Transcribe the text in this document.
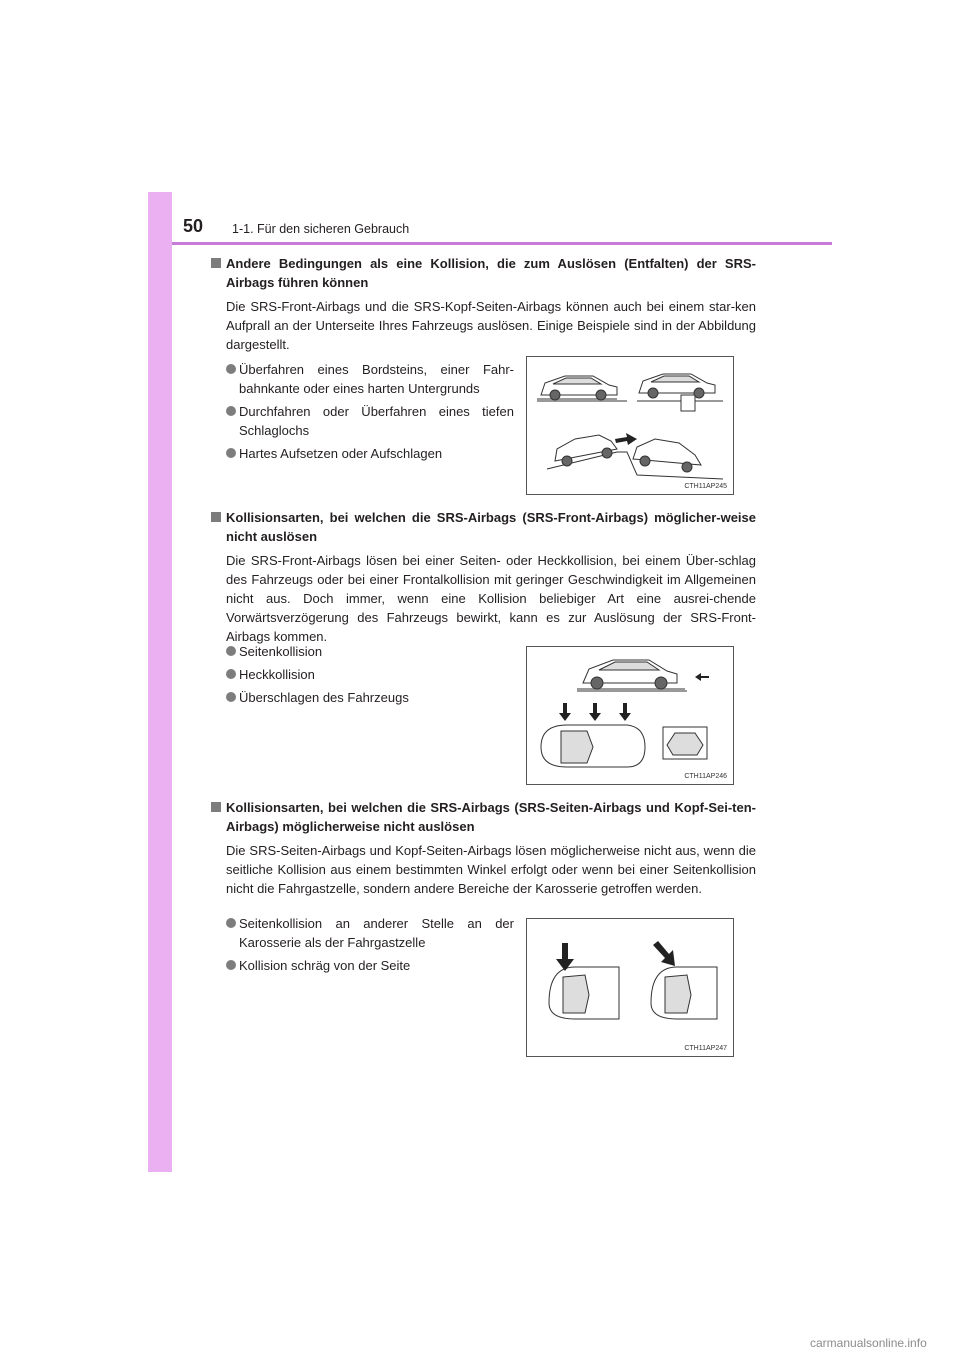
50 1-1. Für den sicheren Gebrauch
Andere Bedingungen als eine Kollision, die zum Auslösen (Entfalten) der SRS-Airbags führen können
Die SRS-Front-Airbags und die SRS-Kopf-Seiten-Airbags können auch bei einem star-ken Aufprall an der Unterseite Ihres Fahrzeugs auslösen. Einige Beispiele sind in der Abbildung dargestellt.
Überfahren eines Bordsteins, einer Fahr-bahnkante oder eines harten Untergrunds
Durchfahren oder Überfahren eines tiefen Schlaglochs
Hartes Aufsetzen oder Aufschlagen
CTH11AP245
Kollisionsarten, bei welchen die SRS-Airbags (SRS-Front-Airbags) möglicher-weise nicht auslösen
Die SRS-Front-Airbags lösen bei einer Seiten- oder Heckkollision, bei einem Über-schlag des Fahrzeugs oder bei einer Frontalkollision mit geringer Geschwindigkeit im Allgemeinen nicht aus. Doch immer, wenn eine Kollision beliebiger Art eine ausrei-chende Vorwärtsverzögerung des Fahrzeugs bewirkt, kann es zur Auslösung der SRS-Front-Airbags kommen.
Seitenkollision
Heckkollision
Überschlagen des Fahrzeugs
CTH11AP246
Kollisionsarten, bei welchen die SRS-Airbags (SRS-Seiten-Airbags und Kopf-Sei-ten-Airbags) möglicherweise nicht auslösen
Die SRS-Seiten-Airbags und Kopf-Seiten-Airbags lösen möglicherweise nicht aus, wenn die seitliche Kollision aus einem bestimmten Winkel erfolgt oder wenn bei einer Seitenkollision nicht die Fahrgastzelle, sondern andere Bereiche der Karosserie getroffen werden.
Seitenkollision an anderer Stelle an der Karosserie als der Fahrgastzelle
Kollision schräg von der Seite
CTH11AP247
carmanualsonline.info
